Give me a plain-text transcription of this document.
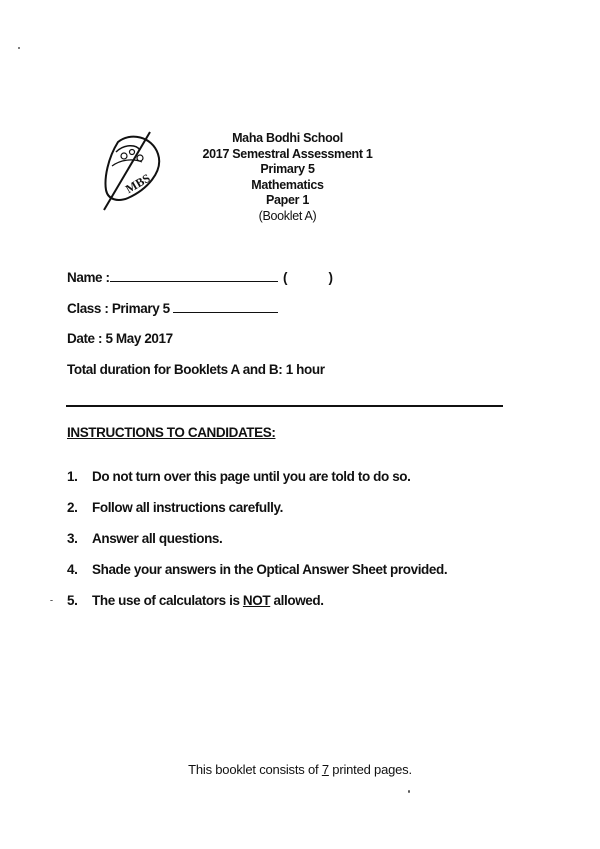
MBS
Maha Bodhi School
2017 Semestral Assessment 1
Primary 5
Mathematics
Paper 1
(Booklet A)
Name :	(	)
Class : Primary 5
Date : 5 May 2017
Total duration for Booklets A and B: 1 hour
INSTRUCTIONS TO CANDIDATES:
1. Do not turn over this page until you are told to do so.
2. Follow all instructions carefully.
3. Answer all questions.
4. Shade your answers in the Optical Answer Sheet provided.
5. The use of calculators is NOT allowed.
This booklet consists of 7 printed pages.
